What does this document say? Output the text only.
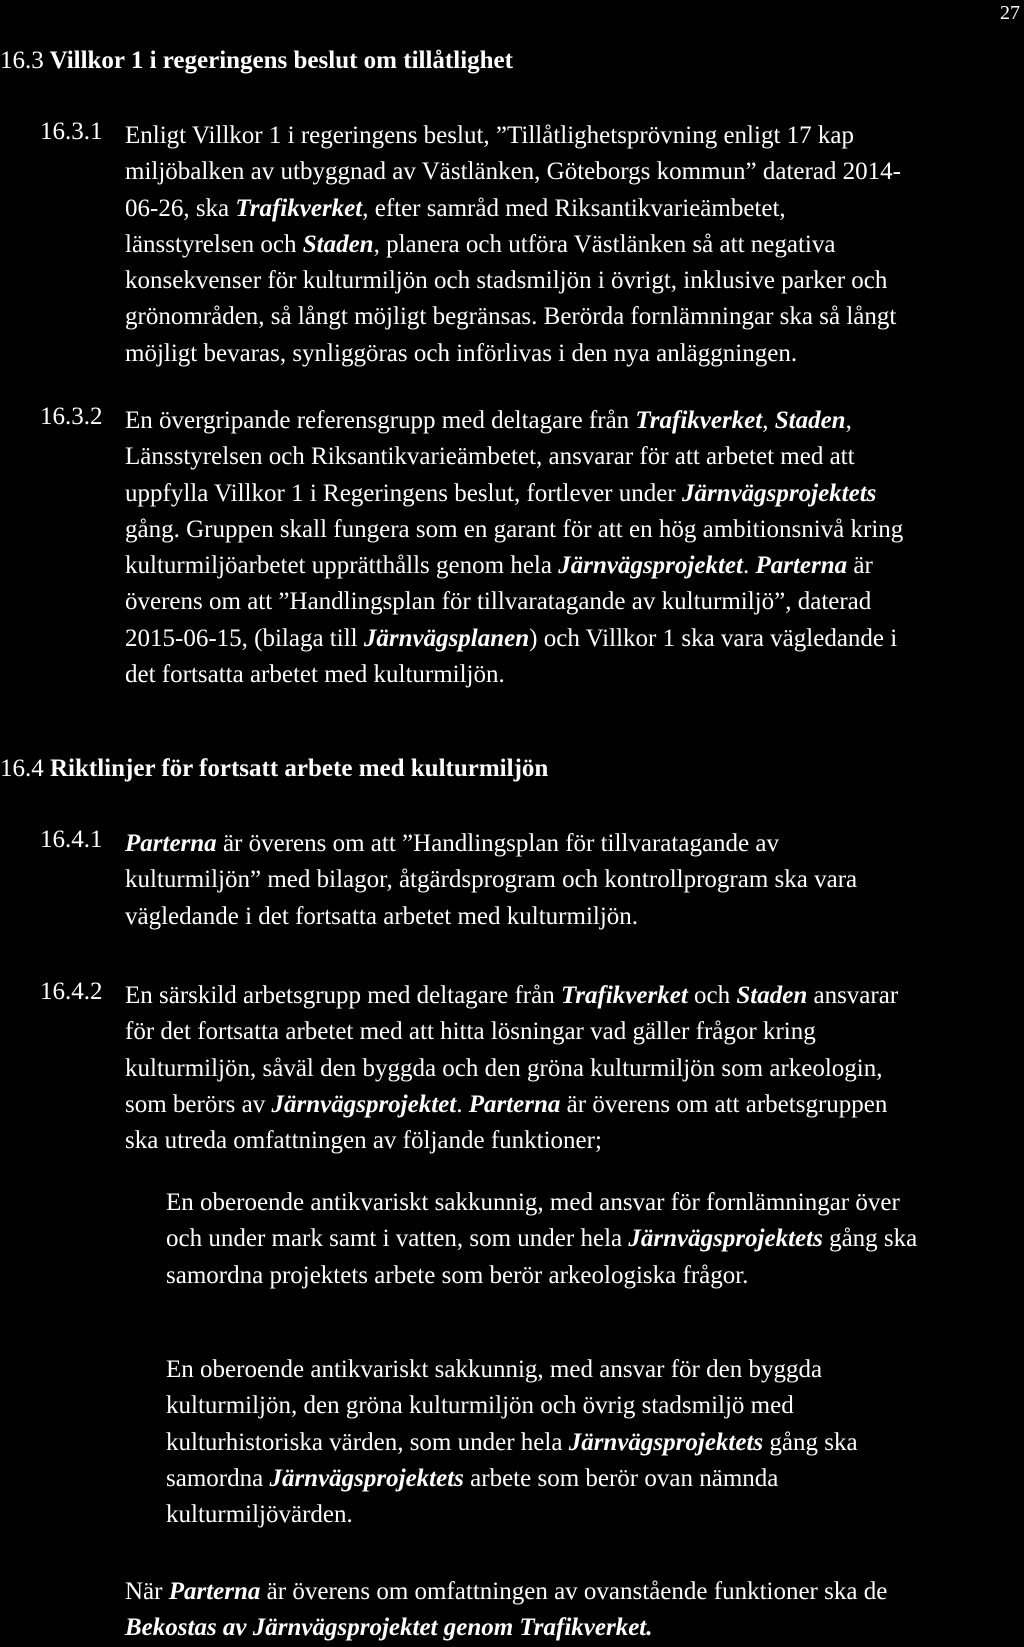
27
16.3 Villkor 1 i regeringens beslut om tillåtlighet
Enligt Villkor 1 i regeringens beslut, ”Tillåtlighetsprövning enligt 17 kap
miljöbalken av utbyggnad av Västlänken, Göteborgs kommun” daterad 2014-
06-26, ska Trafikverket, efter samråd med Riksantikvarieämbetet,
länsstyrelsen och Staden, planera och utföra Västlänken så att negativa
konsekvenser för kulturmiljön och stadsmiljön i övrigt, inklusive parker och
grönområden, så långt möjligt begränsas. Berörda fornlämningar ska så långt
möjligt bevaras, synliggöras och införlivas i den nya anläggningen.
En övergripande referensgrupp med deltagare från Trafikverket, Staden,
Länsstyrelsen och Riksantikvarieämbetet, ansvarar för att arbetet med att
uppfylla Villkor 1 i Regeringens beslut, fortlever under Järnvägsprojektets
gång. Gruppen skall fungera som en garant för att en hög ambitionsnivå kring
kulturmiljöarbetet upprätthålls genom hela Järnvägsprojektet. Parterna är
överens om att ”Handlingsplan för tillvaratagande av kulturmiljö”, daterad
2015-06-15, (bilaga till Järnvägsplanen) och Villkor 1 ska vara vägledande i
det fortsatta arbetet med kulturmiljön.
16.4 Riktlinjer för fortsatt arbete med kulturmiljön
Parterna är överens om att ”Handlingsplan för tillvaratagande av
kulturmiljön” med bilagor, åtgärdsprogram och kontrollprogram ska vara
vägledande i det fortsatta arbetet med kulturmiljön.
En särskild arbetsgrupp med deltagare från Trafikverket och Staden ansvarar
för det fortsatta arbetet med att hitta lösningar vad gäller frågor kring
kulturmiljön, såväl den byggda och den gröna kulturmiljön som arkeologin,
som berörs av Järnvägsprojektet. Parterna är överens om att arbetsgruppen
ska utreda omfattningen av följande funktioner;
En oberoende antikvariskt sakkunnig, med ansvar för fornlämningar över
och under mark samt i vatten, som under hela Järnvägsprojektets gång ska
samordna projektets arbete som berör arkeologiska frågor.
En oberoende antikvariskt sakkunnig, med ansvar för den byggda
kulturmiljön, den gröna kulturmiljön och övrig stadsmiljö med
kulturhistoriska värden, som under hela Järnvägsprojektets gång ska
samordna Järnvägsprojektets arbete som berör ovan nämnda
kulturmiljövärden.
När Parterna är överens om omfattningen av ovanstående funktioner ska de
Bekostas av Järnvägsprojektet genom Trafikverket.
16.3.1
16.3.2
16.4.1
16.4.2
